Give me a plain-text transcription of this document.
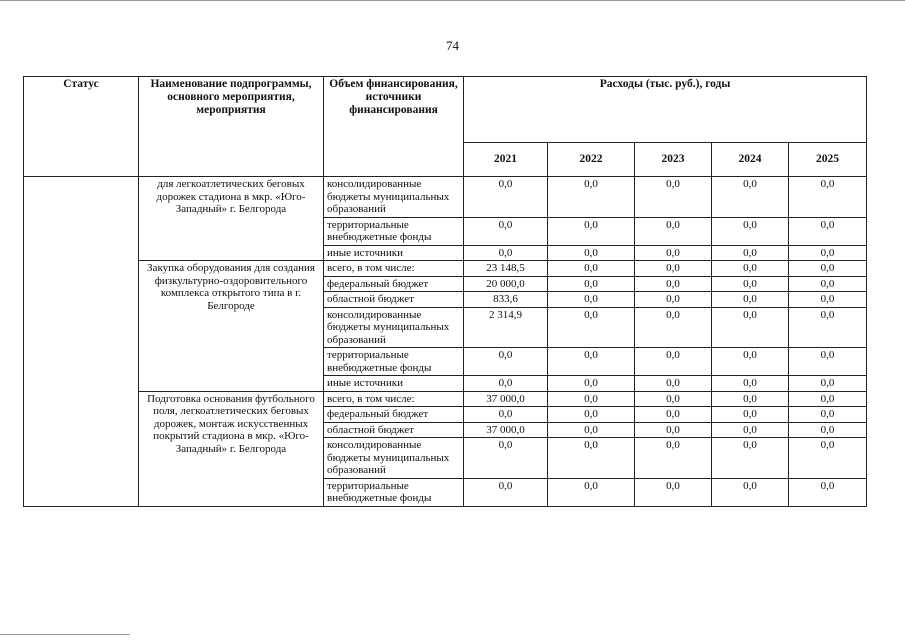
74
Статус	Наименование подпрограммы, основного мероприятия, мероприятия	Объем финансирования, источники финансирования	Расходы (тыс. руб.), годы				
			2021	2022	2023	2024	2025
	для легкоатлетических беговых дорожек стадиона в мкр. «Юго-Западный» г. Белгорода	консолидированные бюджеты муниципальных образований	0,0	0,0	0,0	0,0	0,0
		территориальные внебюджетные фонды	0,0	0,0	0,0	0,0	0,0
		иные источники	0,0	0,0	0,0	0,0	0,0
	Закупка оборудования для создания физкультурно-оздоровительного комплекса открытого типа в г. Белгороде	всего, в том числе:	23 148,5	0,0	0,0	0,0	0,0
		федеральный бюджет	20 000,0	0,0	0,0	0,0	0,0
		областной бюджет	833,6	0,0	0,0	0,0	0,0
		консолидированные бюджеты муниципальных образований	2 314,9	0,0	0,0	0,0	0,0
		территориальные внебюджетные фонды	0,0	0,0	0,0	0,0	0,0
		иные источники	0,0	0,0	0,0	0,0	0,0
	Подготовка основания футбольного поля, легкоатлетических беговых дорожек, монтаж искусственных покрытий стадиона в мкр. «Юго-Западный» г. Белгорода	всего, в том числе:	37 000,0	0,0	0,0	0,0	0,0
		федеральный бюджет	0,0	0,0	0,0	0,0	0,0
		областной бюджет	37 000,0	0,0	0,0	0,0	0,0
		консолидированные бюджеты муниципальных образований	0,0	0,0	0,0	0,0	0,0
		территориальные внебюджетные фонды	0,0	0,0	0,0	0,0	0,0
